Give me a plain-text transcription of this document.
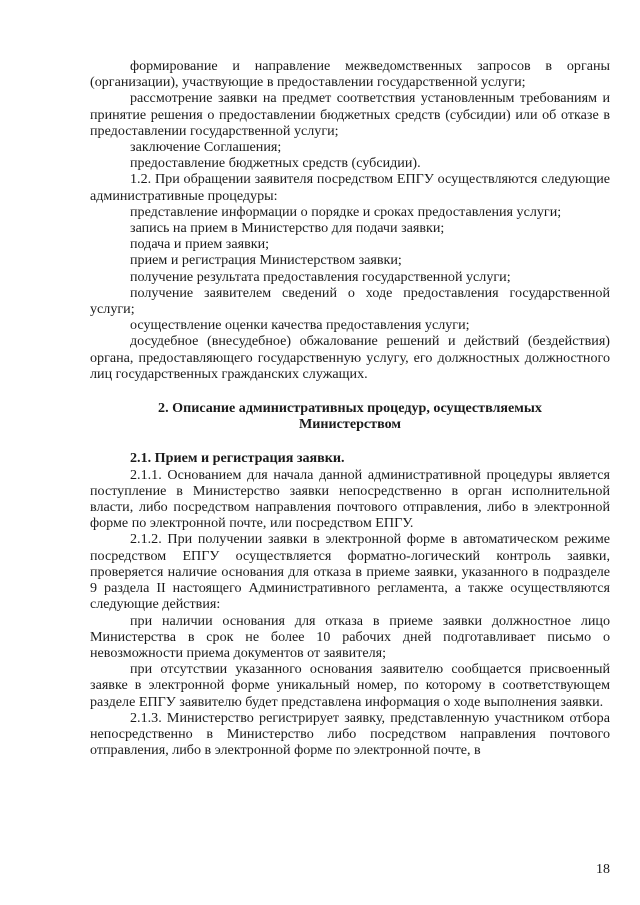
формирование и направление межведомственных запросов в органы (организации), участвующие в предоставлении государственной услуги;

рассмотрение заявки на предмет соответствия установленным требованиям и принятие решения о предоставлении бюджетных средств (субсидии) или об отказе в предоставлении государственной услуги;

заключение Соглашения;

предоставление бюджетных средств (субсидии).

1.2. При обращении заявителя посредством ЕПГУ осуществляются следующие административные процедуры:

представление информации о порядке и сроках предоставления услуги;

запись на прием в Министерство для подачи заявки;

подача и прием заявки;

прием и регистрация Министерством заявки;

получение результата предоставления государственной услуги;

получение заявителем сведений о ходе предоставления государственной услуги;

осуществление оценки качества предоставления услуги;

досудебное (внесудебное) обжалование решений и действий (бездействия) органа, предоставляющего государственную услугу, его должностных должностного лиц государственных гражданских служащих.

2. Описание административных процедур, осуществляемых Министерством

2.1. Прием и регистрация заявки.

2.1.1. Основанием для начала данной административной процедуры является поступление в Министерство заявки непосредственно в орган исполнительной власти, либо посредством направления почтового отправления, либо в электронной форме по электронной почте, или посредством ЕПГУ.

2.1.2. При получении заявки в электронной форме в автоматическом режиме посредством ЕПГУ осуществляется форматно-логический контроль заявки, проверяется наличие основания для отказа в приеме заявки, указанного в подразделе 9 раздела II настоящего Административного регламента, а также осуществляются следующие действия:

при наличии основания для отказа в приеме заявки должностное лицо Министерства в срок не более 10 рабочих дней подготавливает письмо о невозможности приема документов от заявителя;

при отсутствии указанного основания заявителю сообщается присвоенный заявке в электронной форме уникальный номер, по которому в соответствующем разделе ЕПГУ заявителю будет представлена информация о ходе выполнения заявки.

2.1.3. Министерство регистрирует заявку, представленную участником отбора непосредственно в Министерство либо посредством направления почтового отправления, либо в электронной форме по электронной почте, в

18
